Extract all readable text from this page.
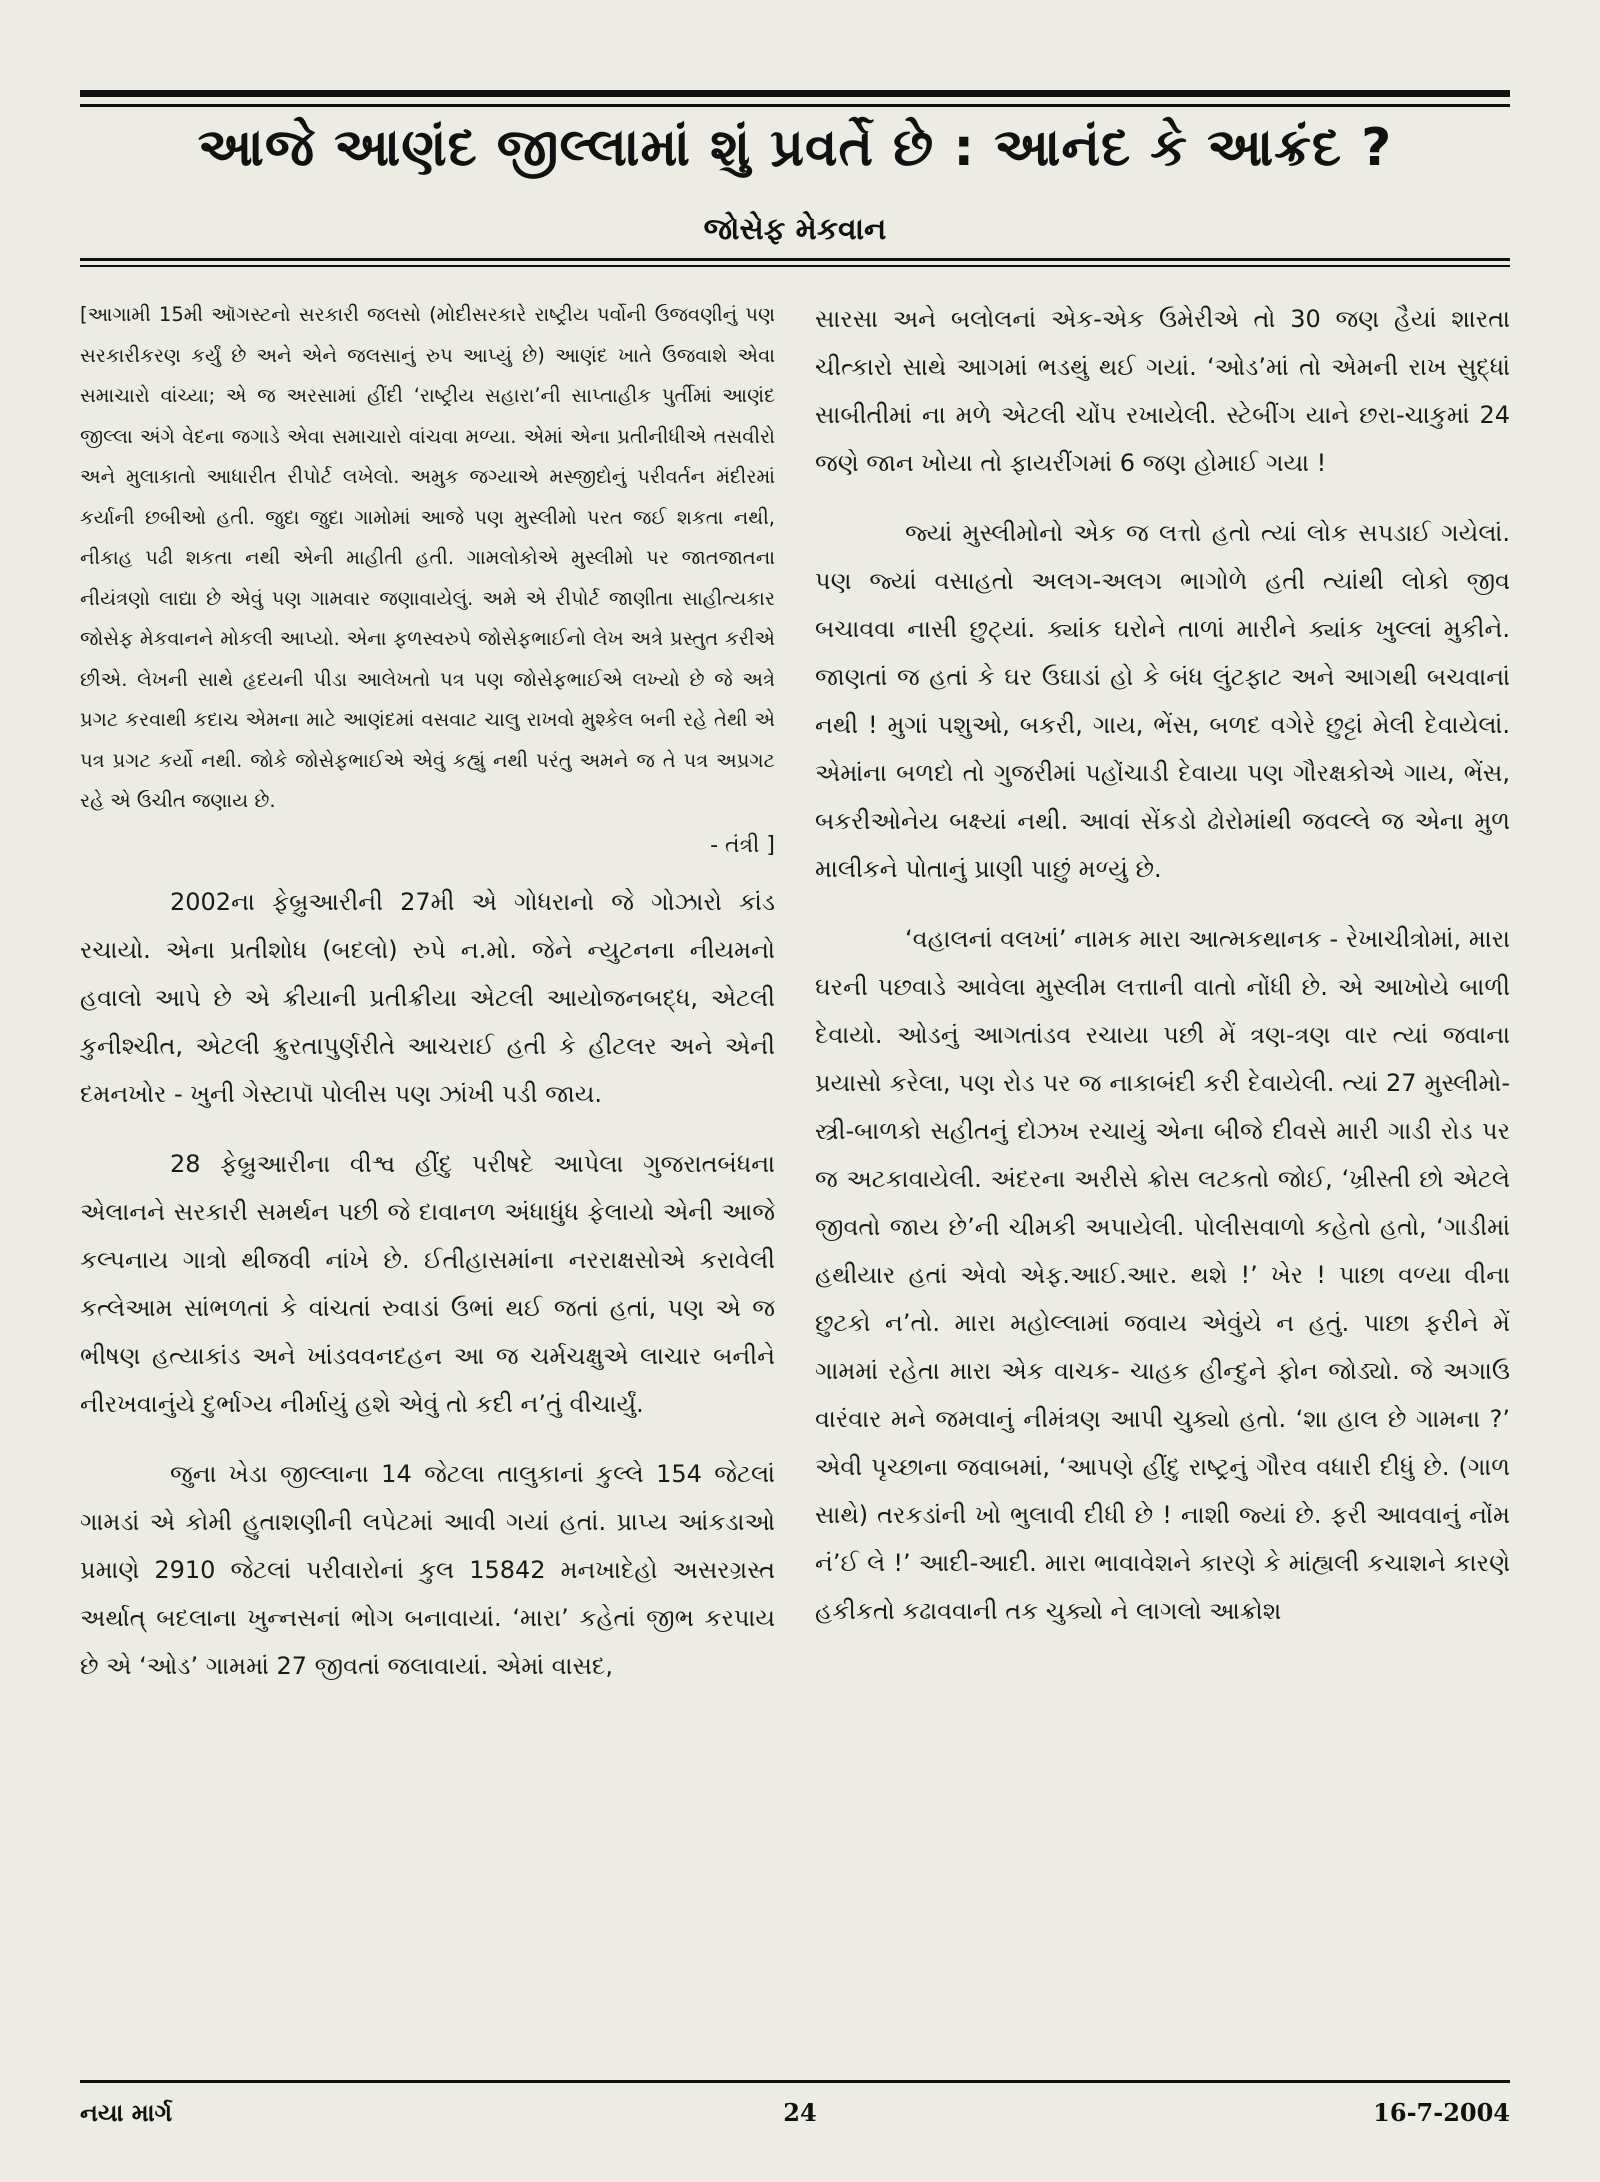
આજે આણંદ જીલ્લામાં શું પ્રવર્તે છે : આનંદ કે આક્રંદ ?
જોસેફ મેકવાન

[આગામી 15મી ઑગસ્ટનો સરકારી જલસો (મોદીસરકારે રાષ્ટ્રીય પર્વોની ઉજવણીનું પણ સરકારીકરણ કર્યું છે અને એને જલસાનું રુપ આપ્યું છે) આણંદ ખાતે ઉજવાશે એવા સમાચારો વાંચ્યા; એ જ અરસામાં હીંદી ‘રાષ્ટ્રીય સહારા’ની સાપ્તાહીક પુર્તીમાં આણંદ જીલ્લા અંગે વેદના જગાડે એવા સમાચારો વાંચવા મળ્યા. એમાં એના પ્રતીનીધીએ તસવીરો અને મુલાકાતો આધારીત રીપોર્ટ લખેલો. અમુક જગ્યાએ મસ્જીદોનું પરીવર્તન મંદીરમાં કર્યાની છબીઓ હતી. જુદા જુદા ગામોમાં આજે પણ મુસ્લીમો પરત જઈ શકતા નથી, નીકાહ પઢી શકતા નથી એની માહીતી હતી. ગામલોકોએ મુસ્લીમો પર જાતજાતના નીયંત્રણો લાદ્યા છે એવું પણ ગામવાર જણાવાયેલું. અમે એ રીપોર્ટ જાણીતા સાહીત્યકાર જોસેફ મેકવાનને મોકલી આપ્યો. એના ફળસ્વરુપે જોસેફભાઈનો લેખ અત્રે પ્રસ્તુત કરીએ છીએ. લેખની સાથે હૃદયની પીડા આલેખતો પત્ર પણ જોસેફભાઈએ લખ્યો છે જે અત્રે પ્રગટ કરવાથી કદાચ એમના માટે આણંદમાં વસવાટ ચાલુ રાખવો મુશ્કેલ બની રહે તેથી એ પત્ર પ્રગટ કર્યો નથી. જોકે જોસેફભાઈએ એવું કહ્યું નથી પરંતુ અમને જ તે પત્ર અપ્રગટ રહે એ ઉચીત જણાય છે.

- તંત્રી ]

2002ના ફેબ્રુઆરીની 27મી એ ગોધરાનો જે ગોઝારો કાંડ રચાયો. એના પ્રતીશોધ (બદલો) રુપે ન.મો. જેને ન્યુટનના નીયમનો હવાલો આપે છે એ ક્રીયાની પ્રતીક્રીયા એટલી આયોજનબદ્ધ, એટલી કુનીશ્ચીત, એટલી ક્રુરતાપુર્ણરીતે આચરાઈ હતી કે હીટલર અને એની દમનખોર - ખુની ગેસ્ટાપૉ પોલીસ પણ ઝાંખી પડી જાય.

28 ફેબ્રુઆરીના વીશ્વ હીંદુ પરીષદે આપેલા ગુજરાતબંધના એલાનને સરકારી સમર્થન પછી જે દાવાનળ અંધાધુંધ ફેલાયો એની આજે કલ્પનાય ગાત્રો થીજવી નાંખે છે. ઈતીહાસમાંના નરરાક્ષસોએ કરાવેલી કત્લેઆમ સાંભળતાં કે વાંચતાં રુવાડાં ઉભાં થઈ જતાં હતાં, પણ એ જ ભીષણ હત્યાકાંડ અને ખાંડવવનદહન આ જ ચર્મચક્ષુએ લાચાર બનીને નીરખવાનુંયે દુર્ભાગ્ય નીર્માયું હશે એવું તો કદી ન’તું વીચાર્યું.

જુના ખેડા જીલ્લાના 14 જેટલા તાલુકાનાં કુલ્લે 154 જેટલાં ગામડાં એ કોમી હુતાશણીની લપેટમાં આવી ગયાં હતાં. પ્રાપ્ય આંકડાઓ પ્રમાણે 2910 જેટલાં પરીવારોનાં કુલ 15842 મનખાદેહો અસરગ્રસ્ત અર્થાત્ બદલાના ખુન્નસનાં ભોગ બનાવાયાં. ‘મારા’ કહેતાં જીભ કરપાય છે એ ‘ઓડ’ ગામમાં 27 જીવતાં જલાવાયાં. એમાં વાસદ,

સારસા અને બલોલનાં એક-એક ઉમેરીએ તો 30 જણ હૈયાં શારતા ચીત્કારો સાથે આગમાં ભડથું થઈ ગયાં. ‘ઓડ’માં તો એમની રાખ સુદ્ધાં સાબીતીમાં ના મળે એટલી ચોંપ રખાયેલી. સ્ટેબીંગ યાને છરા-ચાકુમાં 24 જણે જાન ખોયા તો ફાયરીંગમાં 6 જણ હોમાઈ ગયા !

જ્યાં મુસ્લીમોનો એક જ લત્તો હતો ત્યાં લોક સપડાઈ ગયેલાં. પણ જ્યાં વસાહતો અલગ-અલગ ભાગોળે હતી ત્યાંથી લોકો જીવ બચાવવા નાસી છુટ્યાં. ક્યાંક ઘરોને તાળાં મારીને ક્યાંક ખુલ્લાં મુકીને. જાણતાં જ હતાં કે ઘર ઉઘાડાં હો કે બંધ લુંટફાટ અને આગથી બચવાનાં નથી ! મુગાં પશુઓ, બકરી, ગાય, ભેંસ, બળદ વગેરે છુટ્ટાં મેલી દેવાયેલાં. એમાંના બળદો તો ગુજરીમાં પહોંચાડી દેવાયા પણ ગૌરક્ષકોએ ગાય, ભેંસ, બકરીઓનેય બક્ષ્યાં નથી. આવાં સેંકડો ઢોરોમાંથી જવલ્લે જ એના મુળ માલીકને પોતાનું પ્રાણી પાછું મળ્યું છે.

‘વહાલનાં વલખાં’ નામક મારા આત્મકથાનક - રેખાચીત્રોમાં, મારા ઘરની પછવાડે આવેલા મુસ્લીમ લત્તાની વાતો નોંધી છે. એ આખોયે બાળી દેવાયો. ઓડનું આગતાંડવ રચાયા પછી મેં ત્રણ-ત્રણ વાર ત્યાં જવાના પ્રયાસો કરેલા, પણ રોડ પર જ નાકાબંદી કરી દેવાયેલી. ત્યાં 27 મુસ્લીમો- સ્ત્રી-બાળકો સહીતનું દોઝખ રચાયું એના બીજે દીવસે મારી ગાડી રોડ પર જ અટકાવાયેલી. અંદરના અરીસે ક્રોસ લટકતો જોઈ, ‘ખ્રીસ્તી છો એટલે જીવતો જાય છે’ની ચીમકી અપાયેલી. પોલીસવાળો કહેતો હતો, ‘ગાડીમાં હથીયાર હતાં એવો એફ.આઈ.આર. થશે !’ ખેર ! પાછા વળ્યા વીના છુટકો ન’તો. મારા મહોલ્લામાં જવાય એવુંયે ન હતું. પાછા ફરીને મેં ગામમાં રહેતા મારા એક વાચક- ચાહક હીન્દુને ફોન જોડ્યો. જે અગાઉ વારંવાર મને જમવાનું નીમંત્રણ આપી ચુક્યો હતો. ‘શા હાલ છે ગામના ?’ એવી પૃચ્છાના જવાબમાં, ‘આપણે હીંદુ રાષ્ટ્રનું ગૌરવ વધારી દીધું છે. (ગાળ સાથે) તરકડાંની ખો ભુલાવી દીધી છે ! નાશી જ્યાં છે. ફરી આવવાનું નોંમ નં’ઈ લે !’ આદી-આદી. મારા ભાવાવેશને કારણે કે માંહ્યલી કચાશને કારણે હકીકતો કઢાવવાની તક ચુક્યો ને લાગલો આક્રોશ

નયા માર્ગ	24	16-7-2004
